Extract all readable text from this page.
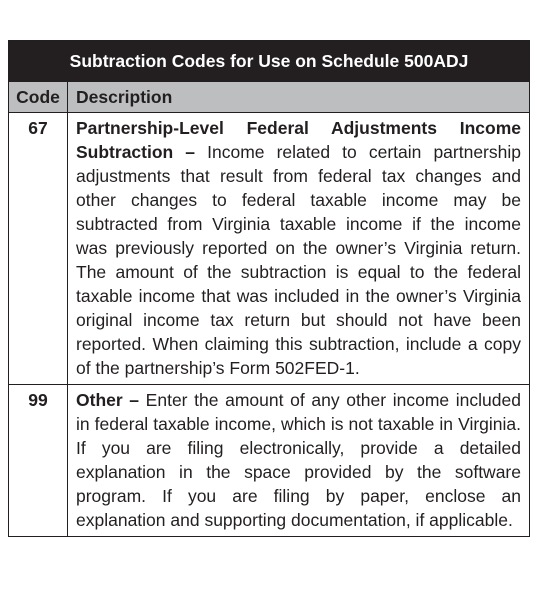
Subtraction Codes for Use on Schedule 500ADJ
Code Description
67	Partnership-Level Federal Adjustments Income Subtraction – Income related to certain partnership adjustments that result from federal tax changes and other changes to federal taxable income may be subtracted from Virginia taxable income if the income was previously reported on the owner’s Virginia return. The amount of the subtraction is equal to the federal taxable income that was included in the owner’s Virginia original income tax return but should not have been reported. When claiming this subtraction, include a copy of the partnership’s Form 502FED-1.
99	Other – Enter the amount of any other income included in federal taxable income, which is not taxable in Virginia. If you are filing electronically, provide a detailed explanation in the space provided by the software program. If you are filing by paper, enclose an explanation and supporting documentation, if applicable.
